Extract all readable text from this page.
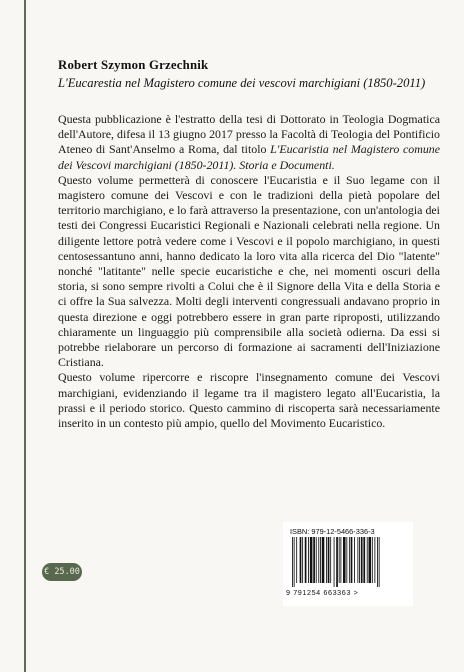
Robert Szymon Grzechnik
L'Eucarestia nel Magistero comune dei vescovi marchigiani (1850-2011)

Questa pubblicazione è l'estratto della tesi di Dottorato in Teologia Dogmatica dell'Autore, difesa il 13 giugno 2017 presso la Facoltà di Teologia del Pontificio Ateneo di Sant'Anselmo a Roma, dal titolo L'Eucaristia nel Magistero comune dei Vescovi marchigiani (1850-2011). Storia e Documenti.

Questo volume permetterà di conoscere l'Eucaristia e il Suo legame con il magistero comune dei Vescovi e con le tradizioni della pietà popolare del territorio marchigiano, e lo farà attraverso la presentazione, con un'antologia dei testi dei Congressi Eucaristici Regionali e Nazionali celebrati nella regione. Un diligente lettore potrà vedere come i Vescovi e il popolo marchigiano, in questi centosessantuno anni, hanno dedicato la loro vita alla ricerca del Dio "latente" nonché "latitante" nelle specie eucaristiche e che, nei momenti oscuri della storia, si sono sempre rivolti a Colui che è il Signore della Vita e della Storia e ci offre la Sua salvezza. Molti degli interventi congressuali andavano proprio in questa direzione e oggi potrebbero essere in gran parte riproposti, utilizzando chiaramente un linguaggio più comprensibile alla società odierna. Da essi si potrebbe rielaborare un percorso di formazione ai sacramenti dell'Iniziazione Cristiana.

Questo volume ripercorre e riscopre l'insegnamento comune dei Vescovi marchigiani, evidenziando il legame tra il magistero legato all'Eucaristia, la prassi e il periodo storico. Questo cammino di riscoperta sarà necessariamente inserito in un contesto più ampio, quello del Movimento Eucaristico.

€ 25.00
ISBN: 979-12-5466-336-3
9 791254 663363 >
